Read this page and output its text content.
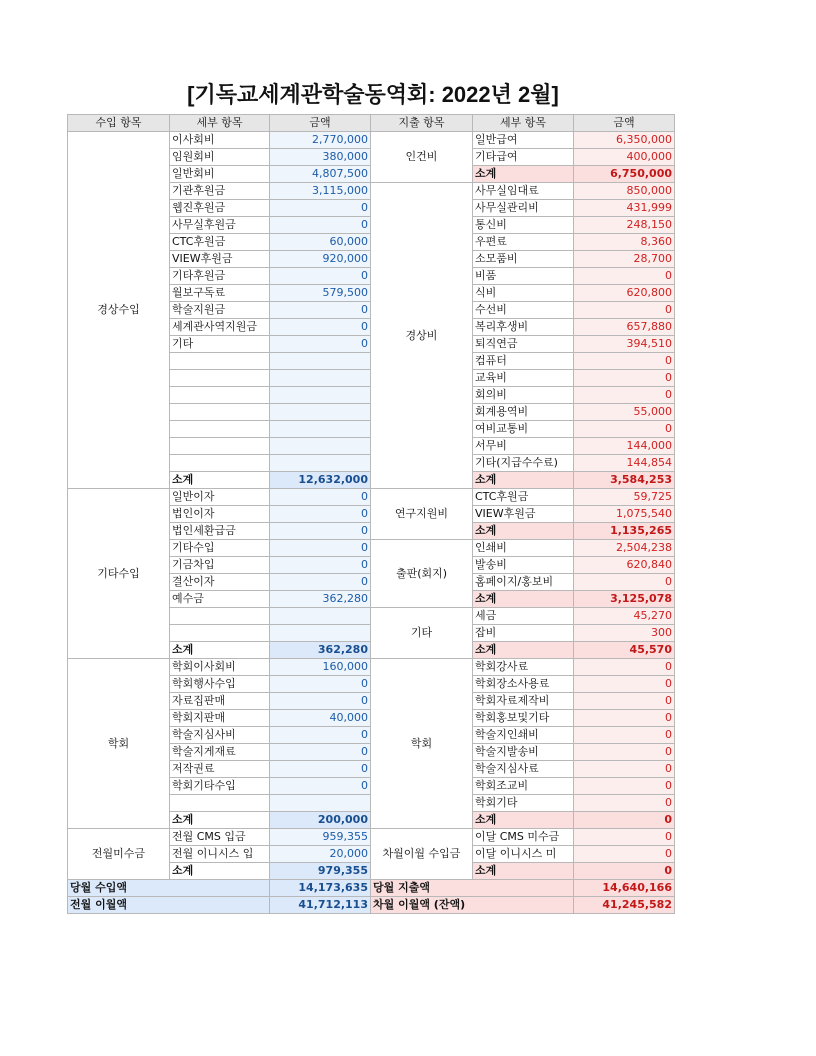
[기독교세계관학술동역회: 2022년 2월]
수입 항목	세부 항목	금액	지출 항목	세부 항목	금액
경상수입	이사회비	2,770,000	인건비	일반급여	6,350,000
	임원회비	380,000		기타급여	400,000
	일반회비	4,807,500		소계	6,750,000
	기관후원금	3,115,000	경상비	사무실임대료	850,000
	웹진후원금	0		사무실관리비	431,999
	사무실후원금	0		통신비	248,150
	CTC후원금	60,000		우편료	8,360
	VIEW후원금	920,000		소모품비	28,700
	기타후원금	0		비품	0
	월보구독료	579,500		식비	620,800
	학술지원금	0		수선비	0
	세계관사역지원금	0		복리후생비	657,880
	기타	0		퇴직연금	394,510
				컴퓨터	0
				교육비	0
				회의비	0
				회계용역비	55,000
				여비교통비	0
				서무비	144,000
				기타(지급수수료)	144,854
	소계	12,632,000		소계	3,584,253
기타수입	일반이자	0	연구지원비	CTC후원금	59,725
	법인이자	0		VIEW후원금	1,075,540
	법인세환급금	0		소계	1,135,265
	기타수입	0	출판(회지)	인쇄비	2,504,238
	기금차입	0		발송비	620,840
	결산이자	0		홈페이지/홍보비	0
	예수금	362,280		소계	3,125,078
			기타	세금	45,270
				잡비	300
	소계	362,280		소계	45,570
학회	학회이사회비	160,000	학회	학회강사료	0
	학회행사수입	0		학회장소사용료	0
	자료집판매	0		학회자료제작비	0
	학회지판매	40,000		학회홍보및기타	0
	학술지심사비	0		학술지인쇄비	0
	학술지게재료	0		학술지발송비	0
	저작권료	0		학술지심사료	0
	학회기타수입	0		학회조교비	0
				학회기타	0
	소계	200,000		소계	0
전월미수금	전월 CMS 입금	959,355	차월이월 수입금	이달 CMS 미수금	0
	전월 이니시스 입	20,000		이달 이니시스 미	0
	소계	979,355		소계	0
당월 수입액		14,173,635	당월 지출액		14,640,166
전월 이월액		41,712,113	차월 이월액 (잔액)		41,245,582
